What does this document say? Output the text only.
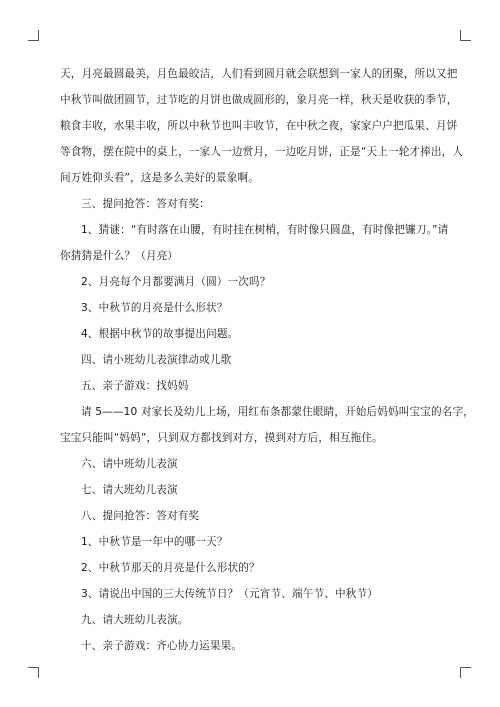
天，月亮最圆最美，月色最皎洁，人们看到圆月就会联想到一家人的团聚，所以又把
中秋节叫做团圆节，过节吃的月饼也做成圆形的，象月亮一样，秋天是收获的季节，
粮食丰收，水果丰收，所以中秋节也叫丰收节，在中秋之夜，家家户户把瓜果、月饼
等食物，摆在院中的桌上，一家人一边赏月，一边吃月饼，正是“天上一轮才捧出，人
间万姓仰头看”，这是多么美好的景象啊。
三、提问抢答：答对有奖：
1、猜谜：“有时落在山腰，有时挂在树梢，有时像只圆盘，有时像把镰刀。”请
你猜猜是什么？（月亮）
2、月亮每个月都要满月（圆）一次吗？
3、中秋节的月亮是什么形状？
4、根据中秋节的故事提出问题。
四、请小班幼儿表演律动或儿歌
五、亲子游戏：找妈妈
请 5——10 对家长及幼儿上场，用红布条都蒙住眼睛，开始后妈妈叫宝宝的名字，
宝宝只能叫“妈妈”，只到双方都找到对方，摸到对方后，相互拖住。
六、请中班幼儿表演
七、请大班幼儿表演
八、提问抢答：答对有奖
1、中秋节是一年中的哪一天？
2、中秋节那天的月亮是什么形状的？
3、请说出中国的三大传统节日？（元宵节、端午节、中秋节）
九、请大班幼儿表演。
十、亲子游戏：齐心协力运果果。
